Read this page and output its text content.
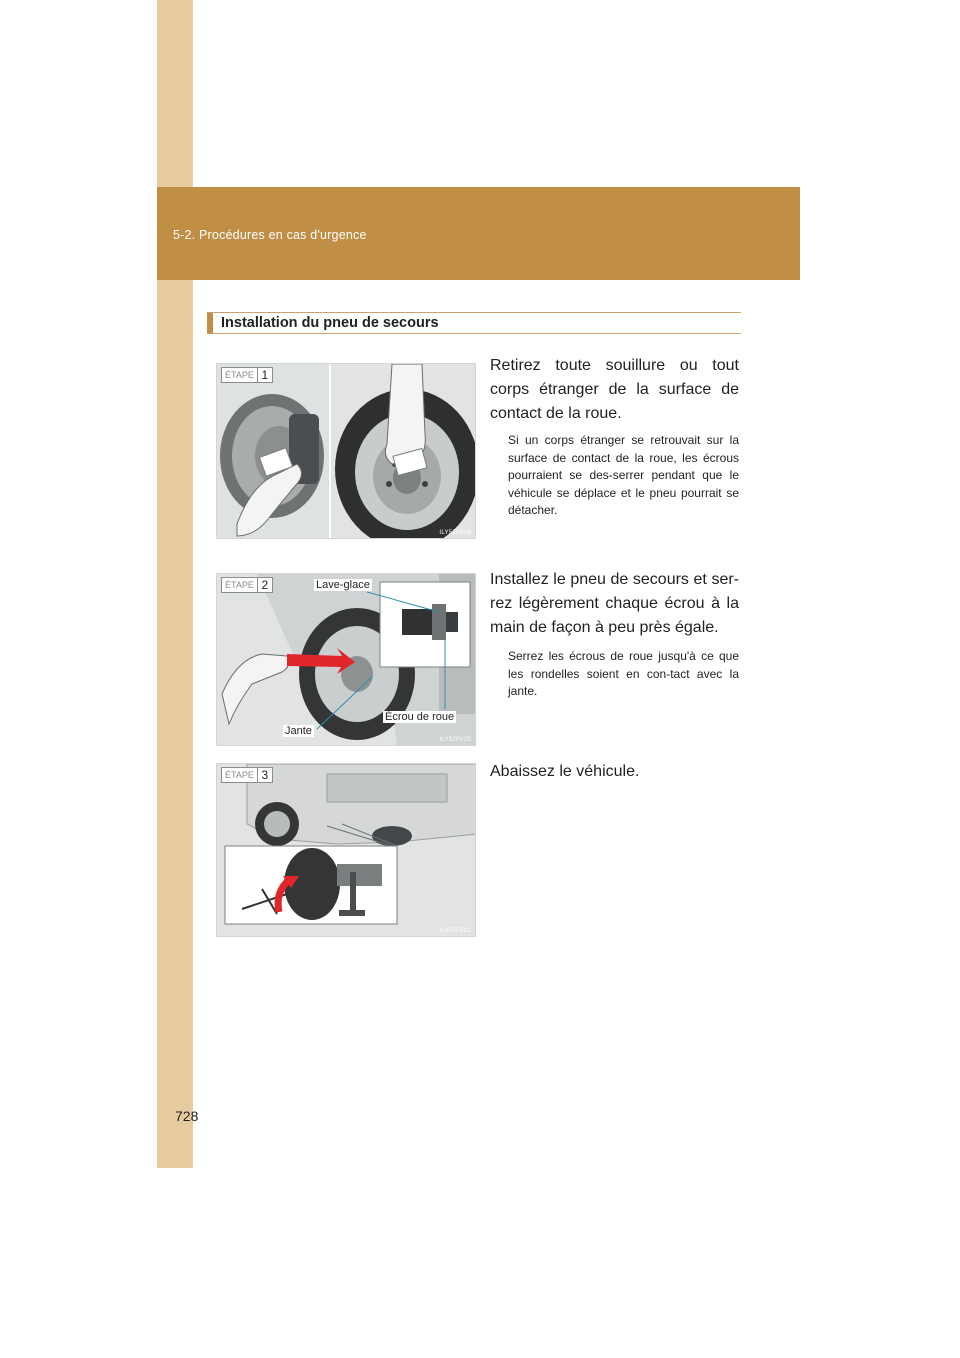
5-2. Procédures en cas d'urgence
Installation du pneu de secours
ÉTAPE 1
ILY52F019

Retirez toute souillure ou tout corps étranger de la surface de contact de la roue.

Si un corps étranger se retrouvait sur la surface de contact de la roue, les écrous pourraient se des-serrer pendant que le véhicule se déplace et le pneu pourrait se détacher.

ÉTAPE 2	Lave-glace
Écrou de roue
Jante
ILY52F020

Installez le pneu de secours et ser-rez légèrement chaque écrou à la main de façon à peu près égale.

Serrez les écrous de roue jusqu'à ce que les rondelles soient en con-tact avec la jante.

ÉTAPE 3
ILY52F021

Abaissez le véhicule.

728
